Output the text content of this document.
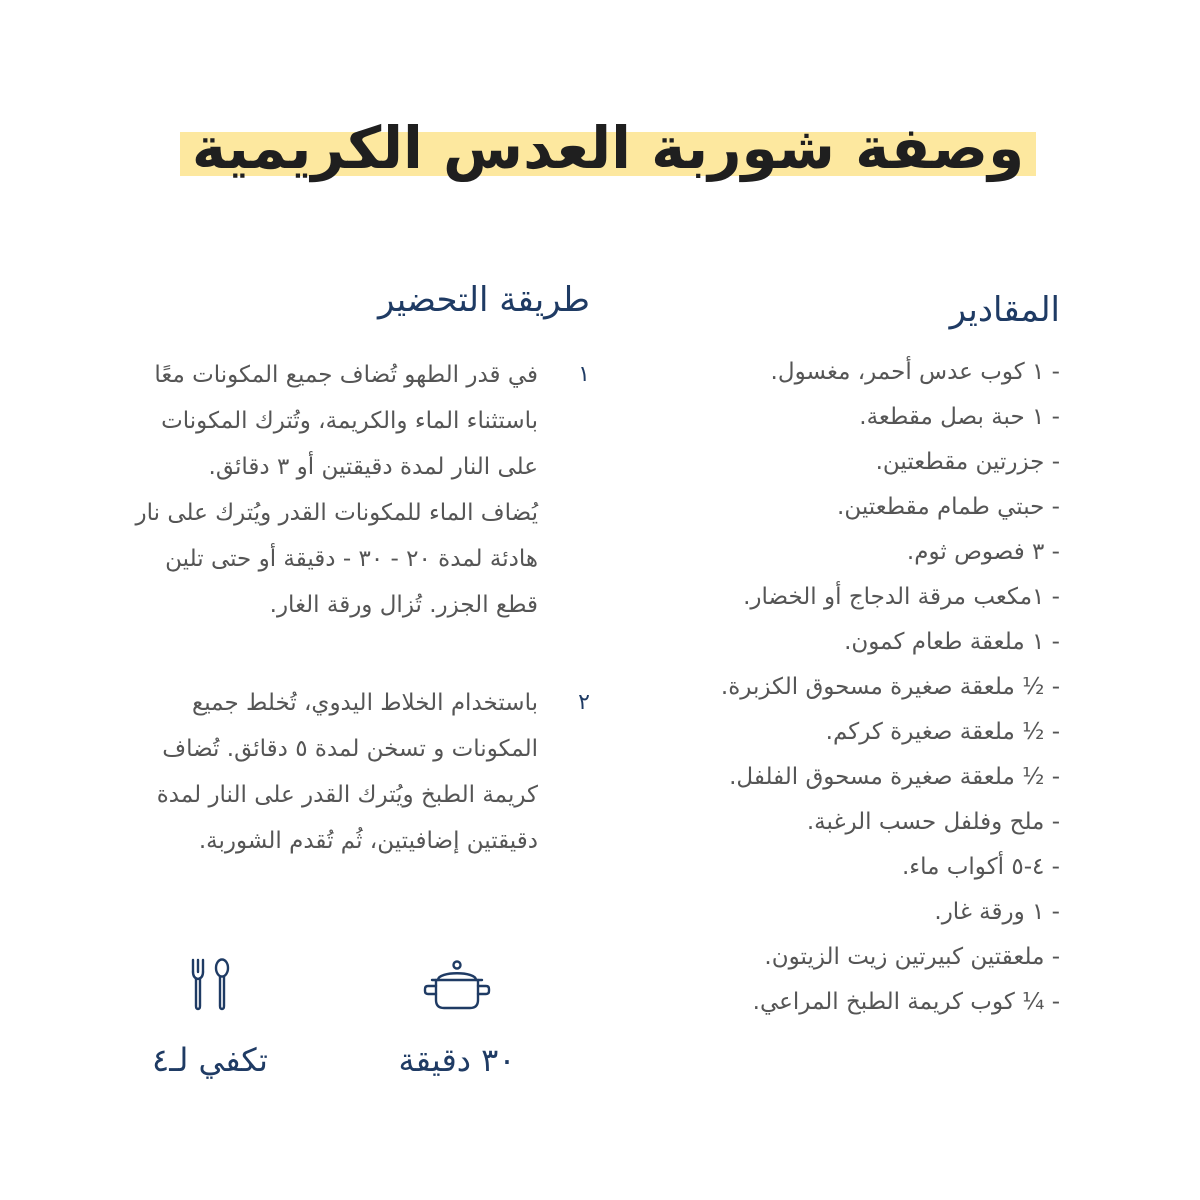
وصفة شوربة العدس الكريمية
المقادير
- ١ كوب عدس أحمر، مغسول.
- ١ حبة بصل مقطعة.
- جزرتين مقطعتين.
- حبتي طمام مقطعتين.
- ٣ فصوص ثوم.
- ١مكعب مرقة الدجاج أو الخضار.
- ١ ملعقة طعام كمون.
- ½ ملعقة صغيرة مسحوق الكزبرة.
- ½ ملعقة صغيرة كركم.
- ½ ملعقة صغيرة مسحوق الفلفل.
- ملح وفلفل حسب الرغبة.
- ٤-٥ أكواب ماء.
- ١ ورقة غار.
- ملعقتين كبيرتين زيت الزيتون.
- ¼ كوب كريمة الطبخ المراعي.
طريقة التحضير
١
في قدر الطهو تُضاف جميع المكونات معًا
باستثناء الماء والكريمة، وتُترك المكونات
على النار لمدة دقيقتين أو ٣ دقائق.
يُضاف الماء للمكونات القدر ويُترك على نار
هادئة لمدة ٢٠ - ٣٠ - دقيقة أو حتى تلين
قطع الجزر. تُزال ورقة الغار.
٢
باستخدام الخلاط اليدوي، تُخلط جميع
المكونات و تسخن لمدة ٥ دقائق. تُضاف
كريمة الطبخ ويُترك القدر على النار لمدة
دقيقتين إضافيتين، ثُم تُقدم الشوربة.
٣٠ دقيقة
تكفي لـ٤
